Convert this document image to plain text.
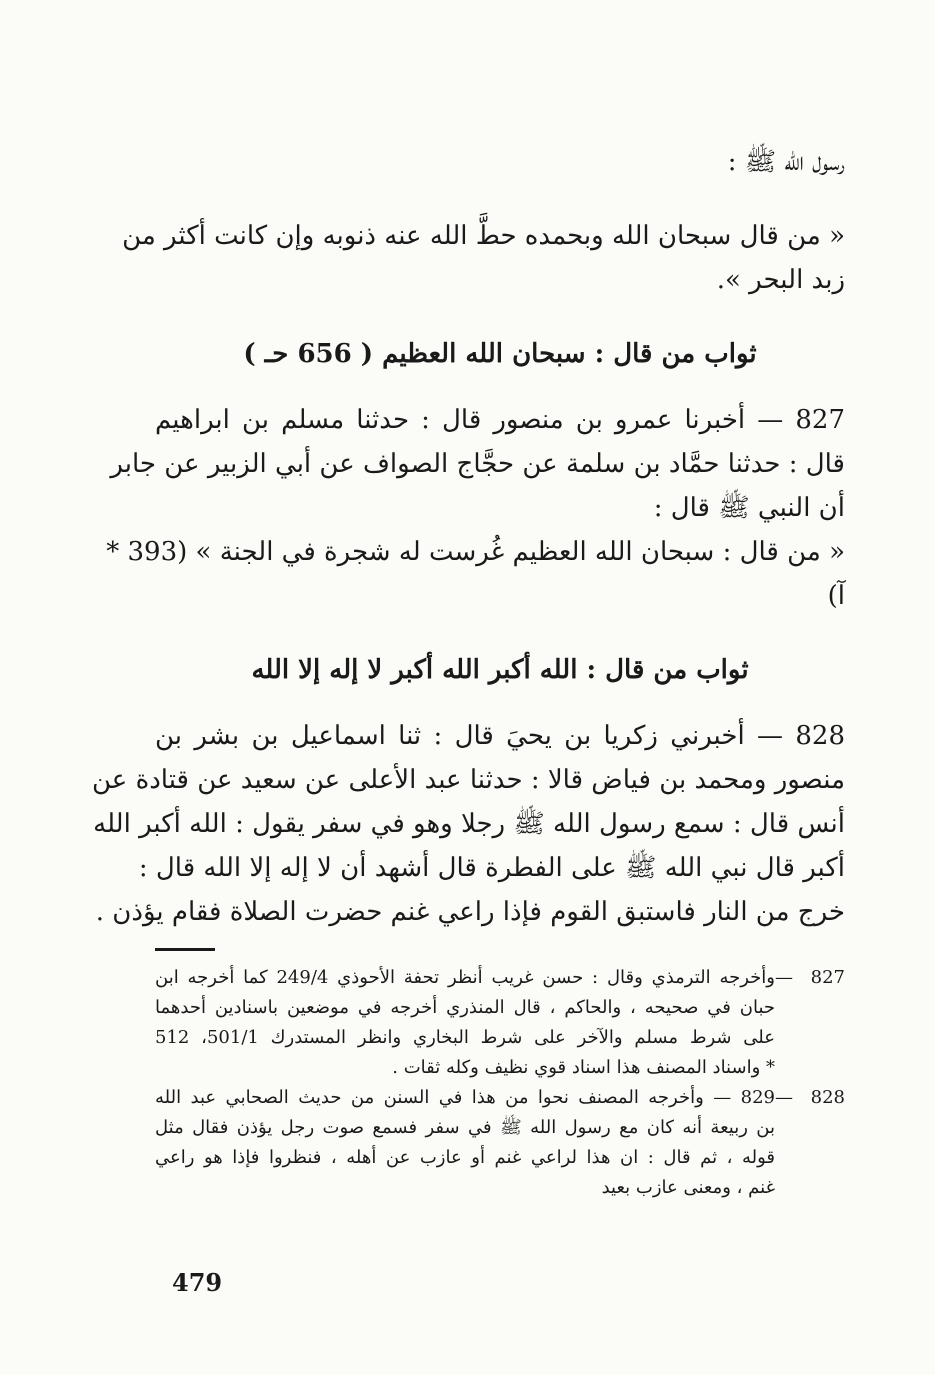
رسول الله ﷺ :

« من قال سبحان الله وبحمده حطَّ الله عنه ذنوبه وإن كانت أكثر من

زبد البحر ».

ثواب من قال : سبحان الله العظيم ( 656 حـ )

827 — أخبرنا عمرو بن منصور قال : حدثنا مسلم بن ابراهيم

قال : حدثنا حمَّاد بن سلمة عن حجَّاج الصواف عن أبي الزبير عن جابر

أن النبي ﷺ قال :

« من قال : سبحان الله العظيم غُرست له شجرة في الجنة » (393 *

آ)

ثواب من قال : الله أكبر الله أكبر لا إله إلا الله

828 — أخبرني زكريا بن يحيَ قال : ثنا اسماعيل بن بشر بن

منصور ومحمد بن فياض قالا : حدثنا عبد الأعلى عن سعيد عن قتادة عن

أنس قال : سمع رسول الله ﷺ رجلا وهو في سفر يقول : الله أكبر الله

أكبر قال نبي الله ﷺ على الفطرة قال أشهد أن لا إله إلا الله قال :

خرج من النار فاستبق القوم فإذا راعي غنم حضرت الصلاة فقام يؤذن .

827 —وأخرجه الترمذي وقال : حسن غريب أنظر تحفة الأحوذي 249/4 كما أخرجه ابن

حبان في صحيحه ، والحاكم ، قال المنذري أخرجه في موضعين باسنادين أحدهما

على شرط مسلم والآخر على شرط البخاري وانظر المستدرك 501/1، 512

* واسناد المصنف هذا اسناد قوي نظيف وكله ثقات .

828 —829 — وأخرجه المصنف نحوا من هذا في السنن من حديث الصحابي عبد الله

بن ربيعة أنه كان مع رسول الله ﷺ في سفر فسمع صوت رجل يؤذن فقال مثل

قوله ، ثم قال : ان هذا لراعي غنم أو عازب عن أهله ، فنظروا فإذا هو راعي

غنم ، ومعنى عازب بعيد

479
